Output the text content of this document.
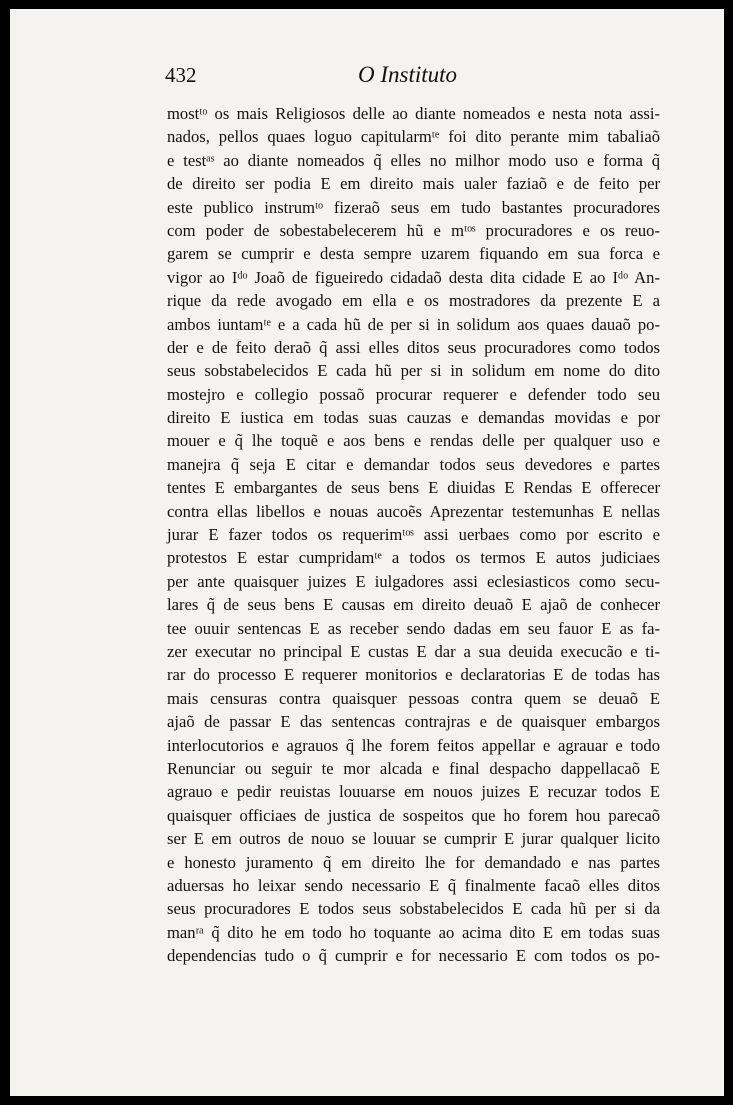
432	O Instituto
mostᵗᵒ os mais Religiosos delle ao diante nomeados e nesta nota assi-
nados, pellos quaes loguo capitularmᵗᵉ foi dito perante mim tabaliaõ
e testᵃˢ ao diante nomeados q̃ elles no milhor modo uso e forma q̃
de direito ser podia E em direito mais ualer faziaõ e de feito per
este publico instrumᵗᵒ fizeraõ seus em tudo bastantes procuradores
com poder de sobestabelecerem hũ e mᵗᵒˢ procuradores e os reuo-
garem se cumprir e desta sempre uzarem fiquando em sua forca e
vigor ao Iᵈᵒ Joaõ de figueiredo cidadaõ desta dita cidade E ao Iᵈᵒ An-
rique da rede avogado em ella e os mostradores da prezente E a
ambos iuntamᵗᵉ e a cada hũ de per si in solidum aos quaes dauaõ po-
der e de feito deraõ q̃ assi elles ditos seus procuradores como todos
seus sobstabelecidos E cada hũ per si in solidum em nome do dito
mostejro e collegio possaõ procurar requerer e defender todo seu
direito E iustica em todas suas cauzas e demandas movidas e por
mouer e q̃ lhe toquẽ e aos bens e rendas delle per qualquer uso e
manejra q̃ seja E citar e demandar todos seus devedores e partes
tentes E embargantes de seus bens E diuidas E Rendas E offerecer
contra ellas libellos e nouas aucoẽs Aprezentar testemunhas E nellas
jurar E fazer todos os requerimᵗᵒˢ assi uerbaes como por escrito e
protestos E estar cumpridamᵗᵉ a todos os termos E autos judiciaes
per ante quaisquer juizes E iulgadores assi eclesiasticos como secu-
lares q̃ de seus bens E causas em direito deuaõ E ajaõ de conhecer
tee ouuir sentencas E as receber sendo dadas em seu fauor E as fa-
zer executar no principal E custas E dar a sua deuida execucão e ti-
rar do processo E requerer monitorios e declaratorias E de todas has
mais censuras contra quaisquer pessoas contra quem se deuaõ E
ajaõ de passar E das sentencas contrajras e de quaisquer embargos
interlocutorios e agrauos q̃ lhe forem feitos appellar e agrauar e todo
Renunciar ou seguir te mor alcada e final despacho dappellacaõ E
agrauo e pedir reuistas louuarse em nouos juizes E recuzar todos E
quaisquer officiaes de justica de sospeitos que ho forem hou parecaõ
ser E em outros de nouo se louuar se cumprir E jurar qualquer licito
e honesto juramento q̃ em direito lhe for demandado e nas partes
aduersas ho leixar sendo necessario E q̃ finalmente facaõ elles ditos
seus procuradores E todos seus sobstabelecidos E cada hũ per si da
manʳᵃ q̃ dito he em todo ho toquante ao acima dito E em todas suas
dependencias tudo o q̃ cumprir e for necessario E com todos os po-
